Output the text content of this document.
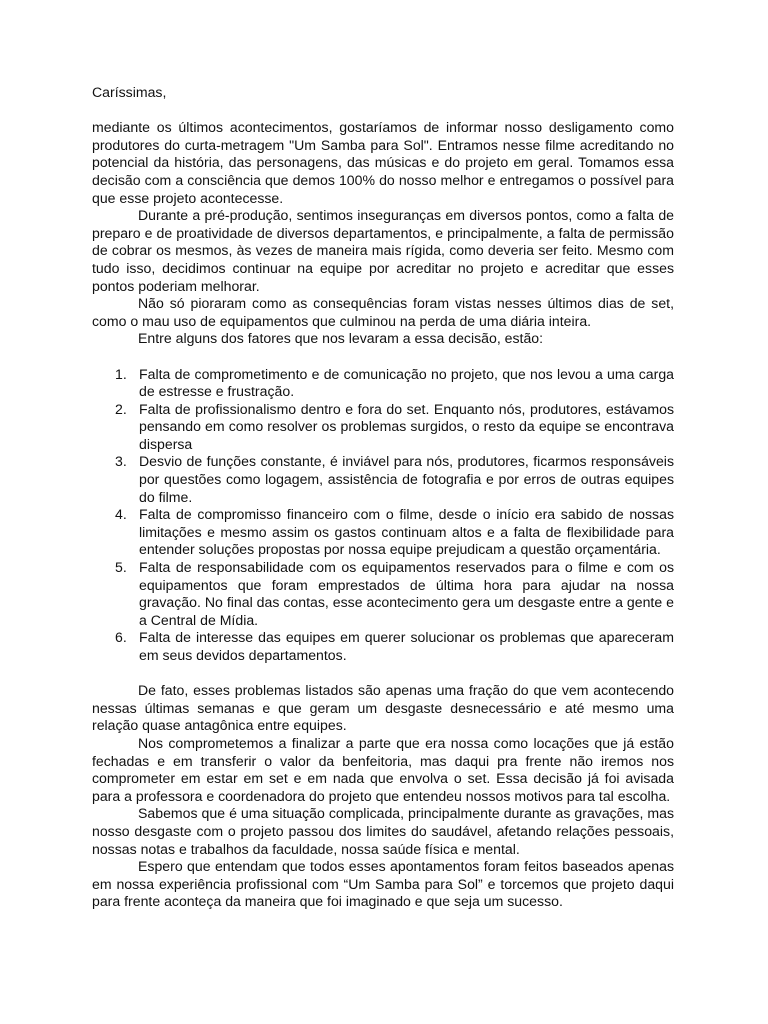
Caríssimas,

mediante os últimos acontecimentos, gostaríamos de informar nosso desligamento como produtores do curta-metragem "Um Samba para Sol". Entramos nesse filme acreditando no potencial da história, das personagens, das músicas e do projeto em geral. Tomamos essa decisão com a consciência que demos 100% do nosso melhor e entregamos o possível para que esse projeto acontecesse.

Durante a pré-produção, sentimos inseguranças em diversos pontos, como a falta de preparo e de proatividade de diversos departamentos, e principalmente, a falta de permissão de cobrar os mesmos, às vezes de maneira mais rígida, como deveria ser feito. Mesmo com tudo isso, decidimos continuar na equipe por acreditar no projeto e acreditar que esses pontos poderiam melhorar.

Não só pioraram como as consequências foram vistas nesses últimos dias de set, como o mau uso de equipamentos que culminou na perda de uma diária inteira.

Entre alguns dos fatores que nos levaram a essa decisão, estão:

1. Falta de comprometimento e de comunicação no projeto, que nos levou a uma carga de estresse e frustração.
2. Falta de profissionalismo dentro e fora do set. Enquanto nós, produtores, estávamos pensando em como resolver os problemas surgidos, o resto da equipe se encontrava dispersa
3. Desvio de funções constante, é inviável para nós, produtores, ficarmos responsáveis por questões como logagem, assistência de fotografia e por erros de outras equipes do filme.
4. Falta de compromisso financeiro com o filme, desde o início era sabido de nossas limitações e mesmo assim os gastos continuam altos e a falta de flexibilidade para entender soluções propostas por nossa equipe prejudicam a questão orçamentária.
5. Falta de responsabilidade com os equipamentos reservados para o filme e com os equipamentos que foram emprestados de última hora para ajudar na nossa gravação. No final das contas, esse acontecimento gera um desgaste entre a gente e a Central de Mídia.
6. Falta de interesse das equipes em querer solucionar os problemas que apareceram em seus devidos departamentos.

De fato, esses problemas listados são apenas uma fração do que vem acontecendo nessas últimas semanas e que geram um desgaste desnecessário e até mesmo uma relação quase antagônica entre equipes.

Nos comprometemos a finalizar a parte que era nossa como locações que já estão fechadas e em transferir o valor da benfeitoria, mas daqui pra frente não iremos nos comprometer em estar em set e em nada que envolva o set. Essa decisão já foi avisada para a professora e coordenadora do projeto que entendeu nossos motivos para tal escolha.

Sabemos que é uma situação complicada, principalmente durante as gravações, mas nosso desgaste com o projeto passou dos limites do saudável, afetando relações pessoais, nossas notas e trabalhos da faculdade, nossa saúde física e mental.

Espero que entendam que todos esses apontamentos foram feitos baseados apenas em nossa experiência profissional com “Um Samba para Sol” e torcemos que projeto daqui para frente aconteça da maneira que foi imaginado e que seja um sucesso.
